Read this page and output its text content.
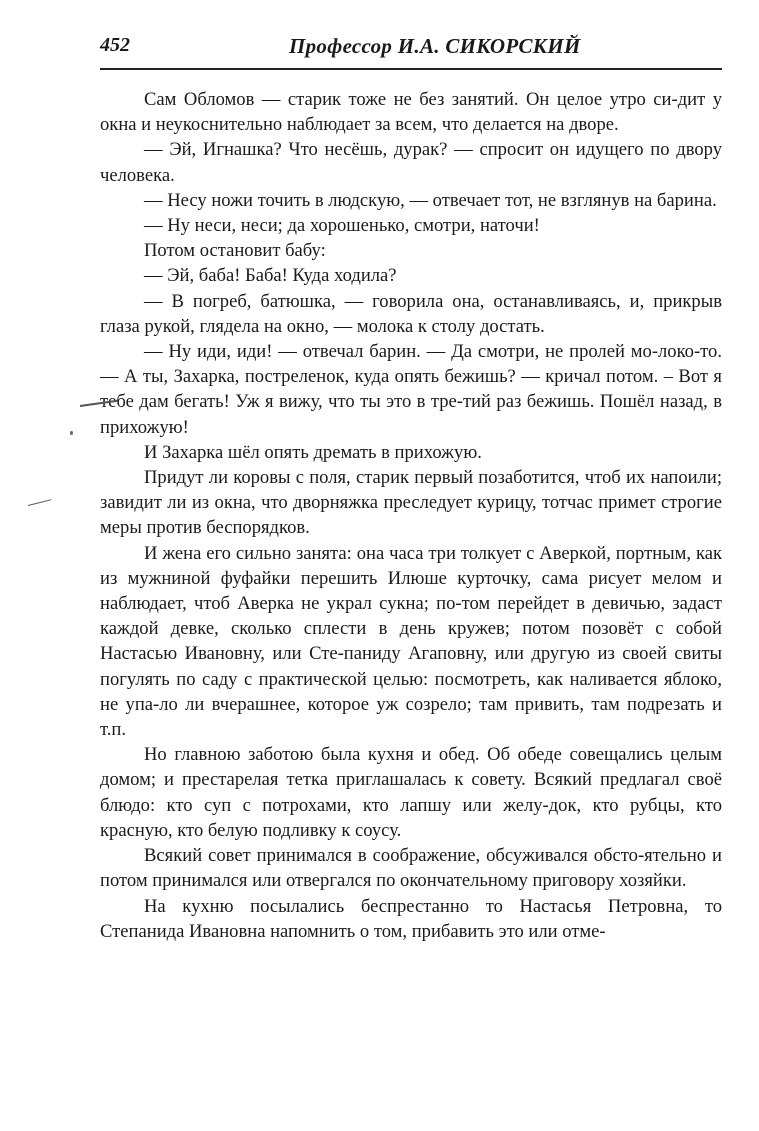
452	Профессор И.А. СИКОРСКИЙ

Сам Обломов — старик тоже не без занятий. Он целое утро си-дит у окна и неукоснительно наблюдает за всем, что делается на дворе.

— Эй, Игнашка? Что несёшь, дурак? — спросит он идущего по двору человека.

— Несу ножи точить в людскую, — отвечает тот, не взглянув на барина.

— Ну неси, неси; да хорошенько, смотри, наточи!

Потом остановит бабу:

— Эй, баба! Баба! Куда ходила?

— В погреб, батюшка, — говорила она, останавливаясь, и, прикрыв глаза рукой, глядела на окно, — молока к столу достать.

— Ну иди, иди! — отвечал барин. — Да смотри, не пролей мо-локо-то. — А ты, Захарка, постреленок, куда опять бежишь? — кричал потом. – Вот я тебе дам бегать! Уж я вижу, что ты это в тре-тий раз бежишь. Пошёл назад, в прихожую!

И Захарка шёл опять дремать в прихожую.

Придут ли коровы с поля, старик первый позаботится, чтоб их напоили; завидит ли из окна, что дворняжка преследует курицу, тотчас примет строгие меры против беспорядков.

И жена его сильно занята: она часа три толкует с Аверкой, портным, как из мужниной фуфайки перешить Илюше курточку, сама рисует мелом и наблюдает, чтоб Аверка не украл сукна; по-том перейдет в девичью, задаст каждой девке, сколько сплести в день кружев; потом позовёт с собой Настасью Ивановну, или Сте-паниду Агаповну, или другую из своей свиты погулять по саду с практической целью: посмотреть, как наливается яблоко, не упа-ло ли вчерашнее, которое уж созрело; там привить, там подрезать и т.п.

Но главною заботою была кухня и обед. Об обеде совещались целым домом; и престарелая тетка приглашалась к совету. Всякий предлагал своё блюдо: кто суп с потрохами, кто лапшу или желу-док, кто рубцы, кто красную, кто белую подливку к соусу.

Всякий совет принимался в соображение, обсуживался обсто-ятельно и потом принимался или отвергался по окончательному приговору хозяйки.

На кухню посылались беспрестанно то Настасья Петровна, то Степанида Ивановна напомнить о том, прибавить это или отме-
